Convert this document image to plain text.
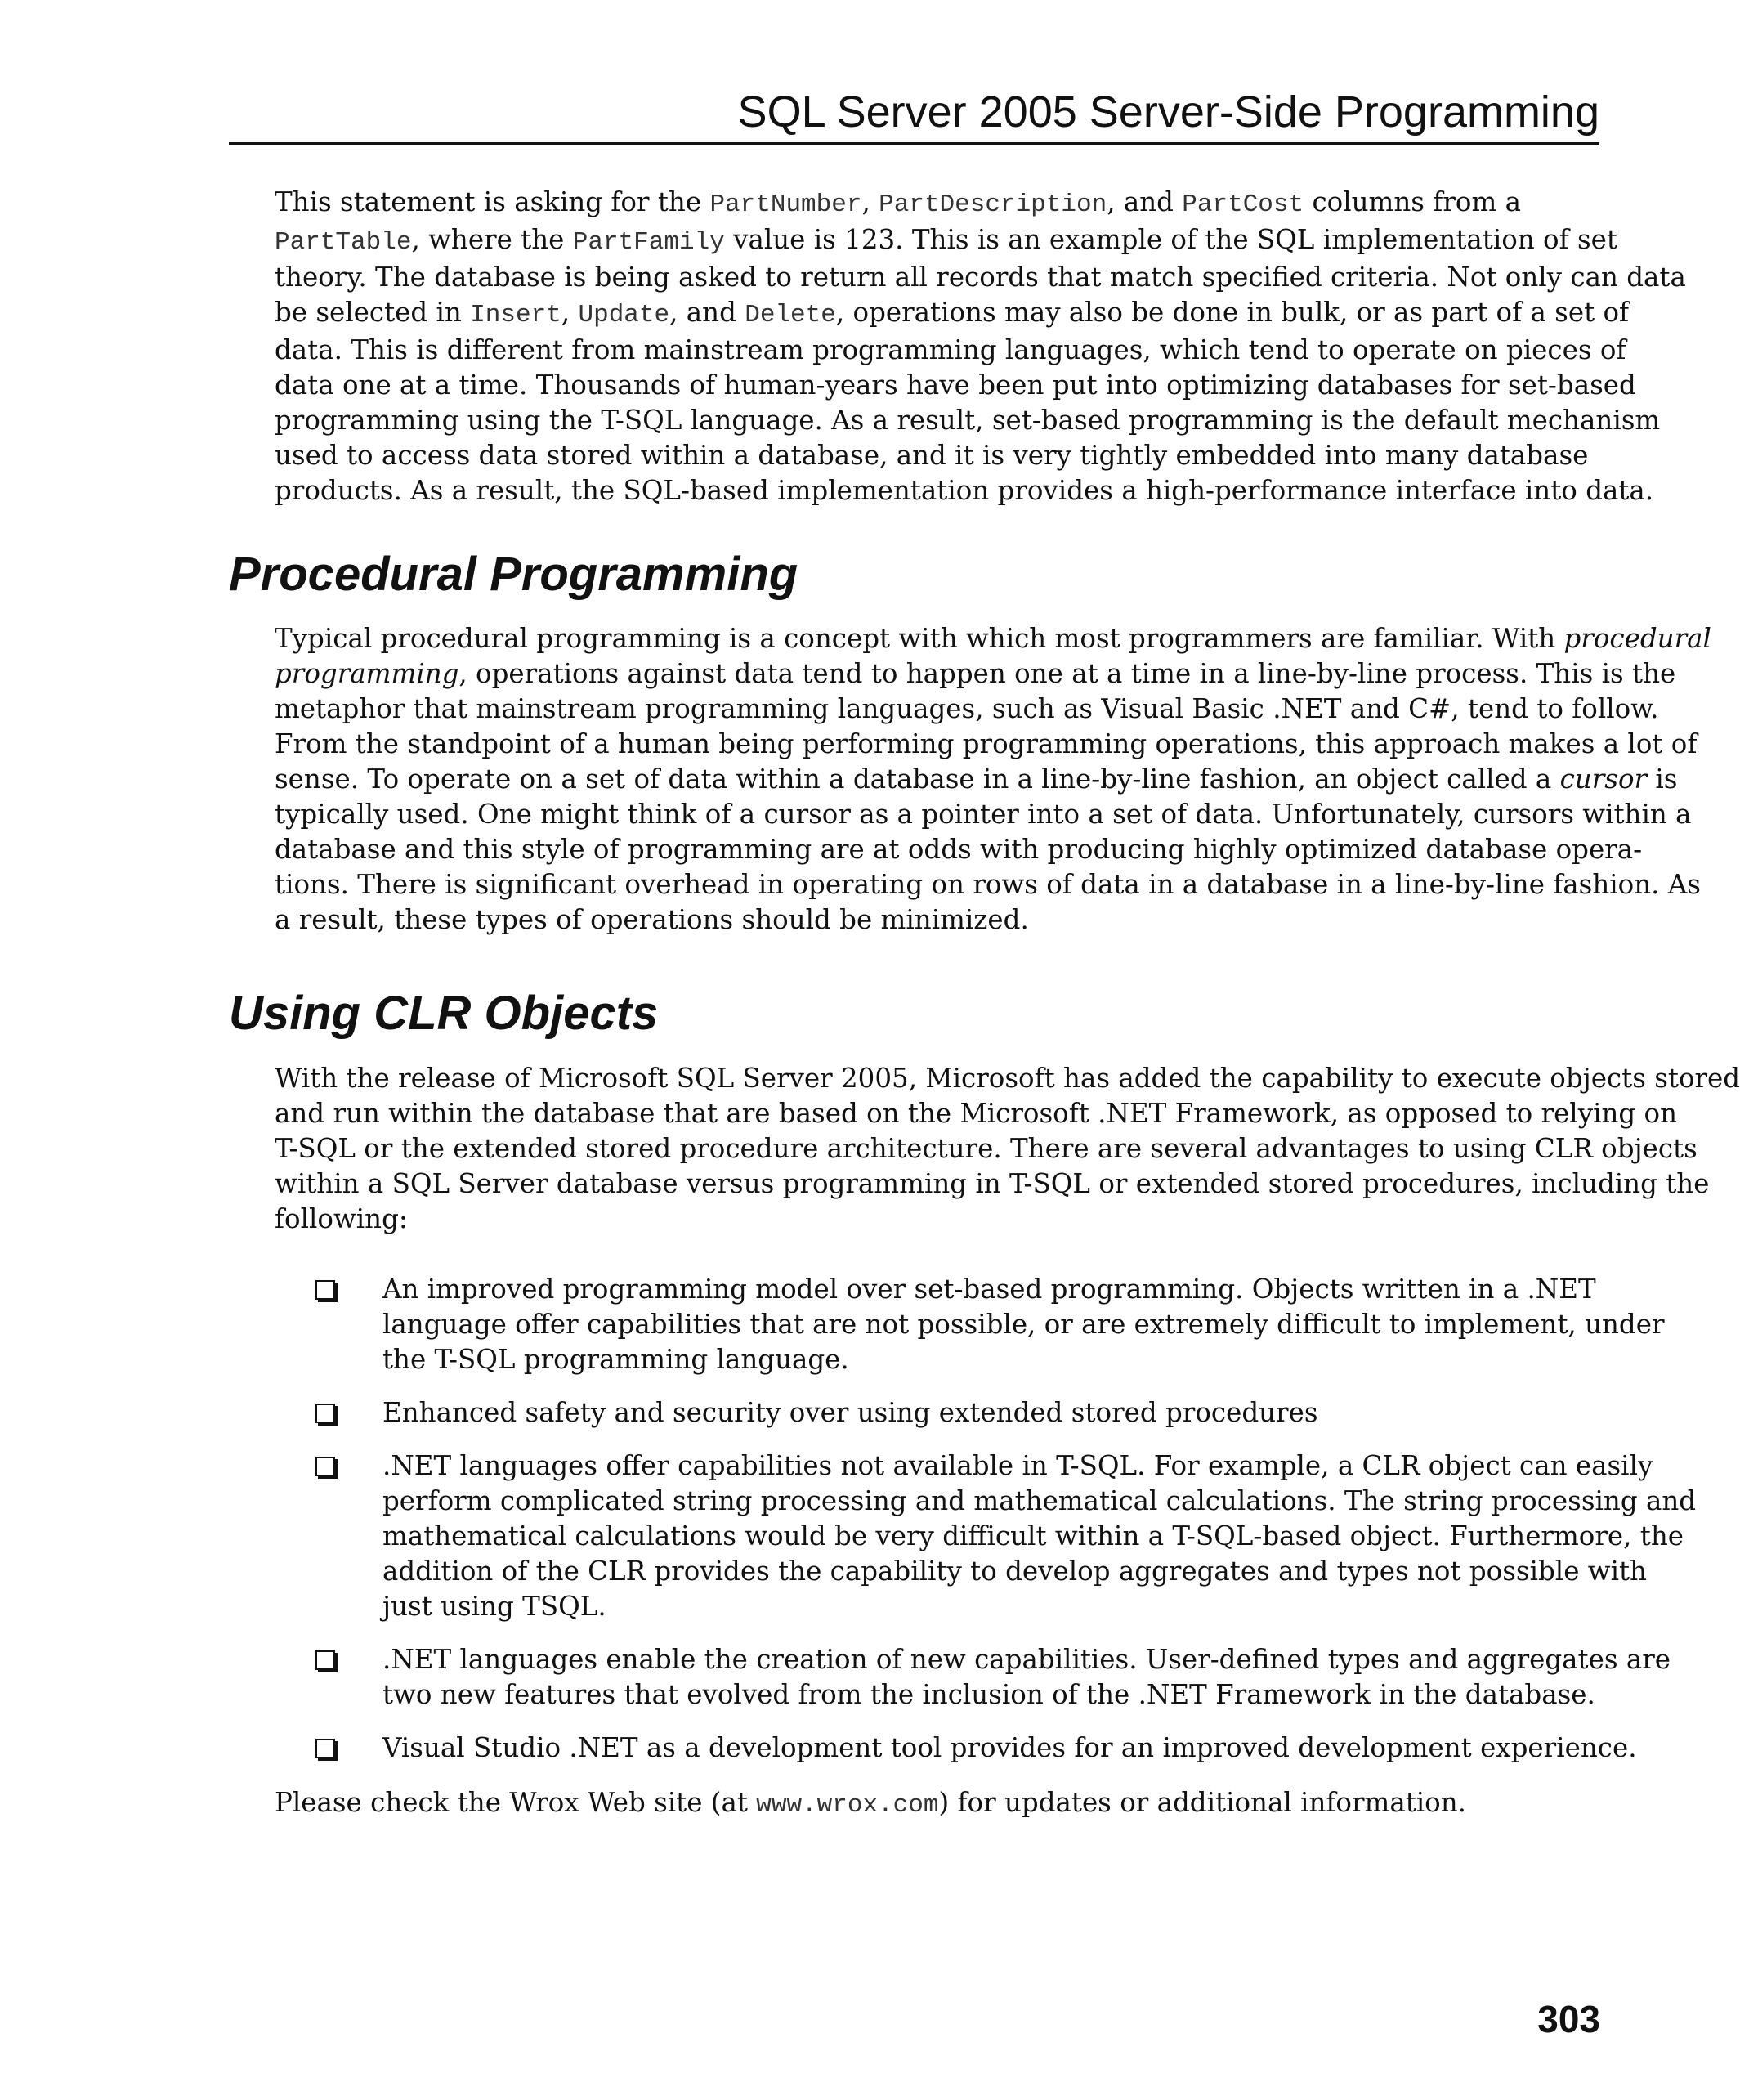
SQL Server 2005 Server-Side Programming
This statement is asking for the PartNumber, PartDescription, and PartCost columns from a
PartTable, where the PartFamily value is 123. This is an example of the SQL implementation of set
theory. The database is being asked to return all records that match specified criteria. Not only can data
be selected in Insert, Update, and Delete, operations may also be done in bulk, or as part of a set of
data. This is different from mainstream programming languages, which tend to operate on pieces of
data one at a time. Thousands of human-years have been put into optimizing databases for set-based
programming using the T-SQL language. As a result, set-based programming is the default mechanism
used to access data stored within a database, and it is very tightly embedded into many database
products. As a result, the SQL-based implementation provides a high-performance interface into data.
Procedural Programming
Typical procedural programming is a concept with which most programmers are familiar. With procedural
programming, operations against data tend to happen one at a time in a line-by-line process. This is the
metaphor that mainstream programming languages, such as Visual Basic .NET and C#, tend to follow.
From the standpoint of a human being performing programming operations, this approach makes a lot of
sense. To operate on a set of data within a database in a line-by-line fashion, an object called a cursor is
typically used. One might think of a cursor as a pointer into a set of data. Unfortunately, cursors within a
database and this style of programming are at odds with producing highly optimized database opera-
tions. There is significant overhead in operating on rows of data in a database in a line-by-line fashion. As
a result, these types of operations should be minimized.
Using CLR Objects
With the release of Microsoft SQL Server 2005, Microsoft has added the capability to execute objects stored
and run within the database that are based on the Microsoft .NET Framework, as opposed to relying on
T-SQL or the extended stored procedure architecture. There are several advantages to using CLR objects
within a SQL Server database versus programming in T-SQL or extended stored procedures, including the
following:
An improved programming model over set-based programming. Objects written in a .NET
language offer capabilities that are not possible, or are extremely difficult to implement, under
the T-SQL programming language.
Enhanced safety and security over using extended stored procedures
.NET languages offer capabilities not available in T-SQL. For example, a CLR object can easily
perform complicated string processing and mathematical calculations. The string processing and
mathematical calculations would be very difficult within a T-SQL-based object. Furthermore, the
addition of the CLR provides the capability to develop aggregates and types not possible with
just using TSQL.
.NET languages enable the creation of new capabilities. User-defined types and aggregates are
two new features that evolved from the inclusion of the .NET Framework in the database.
Visual Studio .NET as a development tool provides for an improved development experience.
Please check the Wrox Web site (at www.wrox.com) for updates or additional information.
303
